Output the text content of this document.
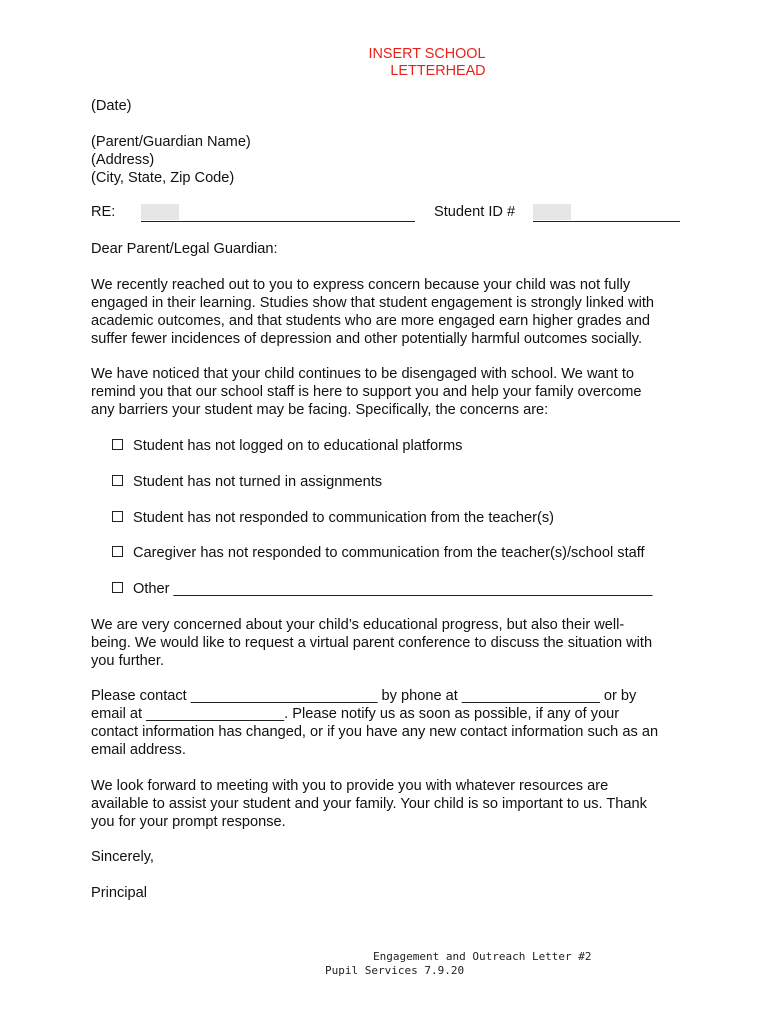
INSERT SCHOOL
LETTERHEAD
(Date)
(Parent/Guardian Name)
(Address)
(City, State, Zip Code)
RE:	Student ID #
Dear Parent/Legal Guardian:
We recently reached out to you to express concern because your child was not fully
engaged in their learning. Studies show that student engagement is strongly linked with
academic outcomes, and that students who are more engaged earn higher grades and
suffer fewer incidences of depression and other potentially harmful outcomes socially.
We have noticed that your child continues to be disengaged with school. We want to
remind you that our school staff is here to support you and help your family overcome
any barriers your student may be facing. Specifically, the concerns are:
Student has not logged on to educational platforms
Student has not turned in assignments
Student has not responded to communication from the teacher(s)
Caregiver has not responded to communication from the teacher(s)/school staff
Other ___________________________________________________________
We are very concerned about your child’s educational progress, but also their well-
being. We would like to request a virtual parent conference to discuss the situation with
you further.
Please contact _______________________ by phone at _________________ or by
email at _________________. Please notify us as soon as possible, if any of your
contact information has changed, or if you have any new contact information such as an
email address.
We look forward to meeting with you to provide you with whatever resources are
available to assist your student and your family. Your child is so important to us. Thank
you for your prompt response.
Sincerely,
Principal
Engagement and Outreach Letter #2
Pupil Services 7.9.20
